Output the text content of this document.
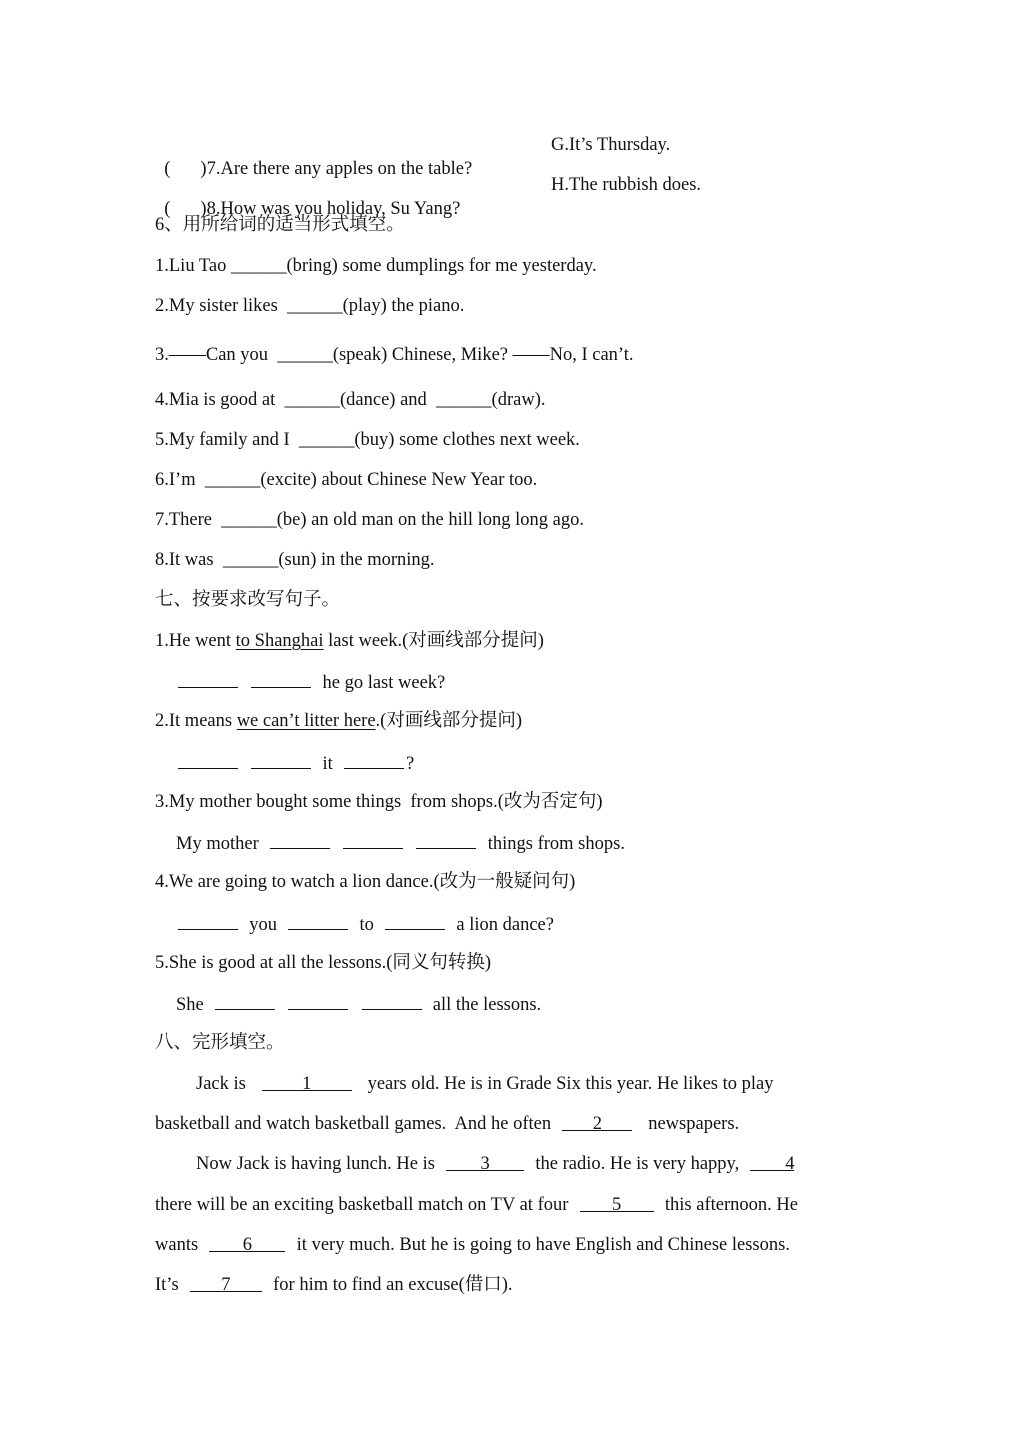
( )7.Are there any apples on the table?

G.It’s Thursday.

( )8.How was you holiday, Su Yang?

H.The rubbish does.
6、用所给词的适当形式填空。
1.Liu Tao ______(bring) some dumplings for me yesterday.
2.My sister likes ______(play) the piano.
3.——Can you ______(speak) Chinese, Mike? ——No, I can’t.
4.Mia is good at ______(dance) and ______(draw).
5.My family and I ______(buy) some clothes next week.
6.I’m ______(excite) about Chinese New Year too.
7.There ______(be) an old man on the hill long long ago.
8.It was ______(sun) in the morning.
七、按要求改写句子。
1.He went to Shanghai last week.(对画线部分提问)
he go last week?
2.It means we can’t litter here.(对画线部分提问)
it	?
3.My mother bought some things  from shops.(改为否定句)
My mother	things from shops.
4.We are going to watch a lion dance.(改为一般疑问句)
you	to	a lion dance?
5.She is good at all the lessons.(同义句转换)
She	all the lessons.
八、完形填空。
Jack is	1	years old. He is in Grade Six this year. He likes to play
basketball and watch basketball games.  And he often 2	newspapers.
Now Jack is having lunch. He is 3 the radio. He is very happy, 4
there will be an exciting basketball match on TV at four 5 this afternoon. He
wants 6 it very much. But he is going to have English and Chinese lessons.
It’s 7 for him to find an excuse(借口).
